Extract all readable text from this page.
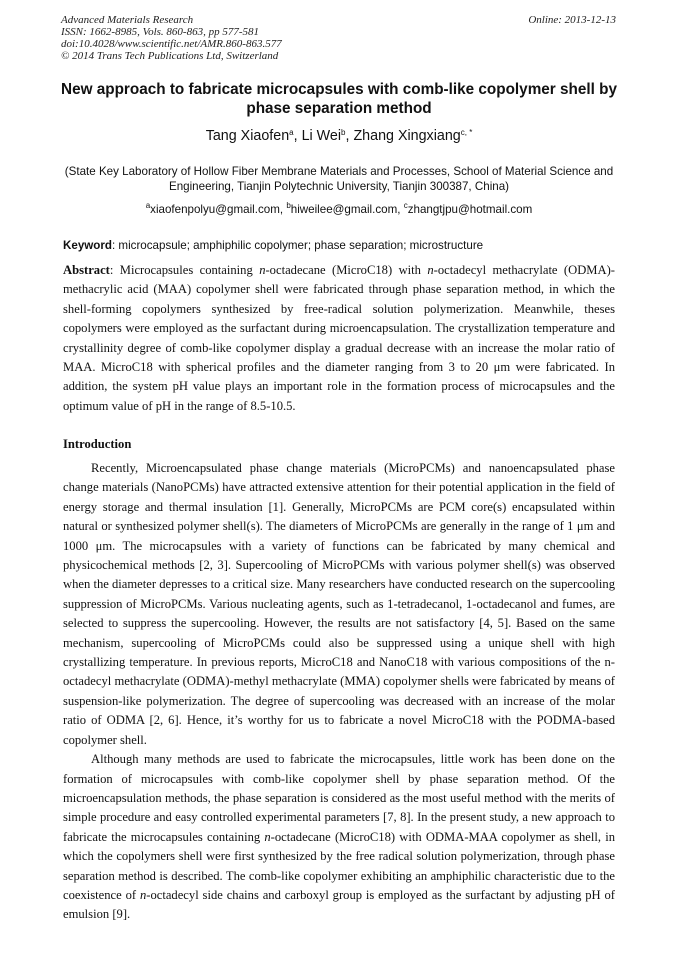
Advanced Materials Research
ISSN: 1662-8985, Vols. 860-863, pp 577-581
doi:10.4028/www.scientific.net/AMR.860-863.577
© 2014 Trans Tech Publications Ltd, Switzerland
Online: 2013-12-13
New approach to fabricate microcapsules with comb-like copolymer shell by phase separation method
Tang Xiaofen$^a$, Li Wei$^b$, Zhang Xingxiang$^{c, *}$
(State Key Laboratory of Hollow Fiber Membrane Materials and Processes, School of Material Science and Engineering, Tianjin Polytechnic University, Tianjin 300387, China)
$^a$xiaofenpolyu@gmail.com, $^b$hiweilee@gmail.com, $^c$zhangtjpu@hotmail.com
Keyword: microcapsule; amphiphilic copolymer; phase separation; microstructure
Abstract: Microcapsules containing n-octadecane (MicroC18) with n-octadecyl methacrylate (ODMA)-methacrylic acid (MAA) copolymer shell were fabricated through phase separation method, in which the shell-forming copolymers synthesized by free-radical solution polymerization. Meanwhile, theses copolymers were employed as the surfactant during microencapsulation. The crystallization temperature and crystallinity degree of comb-like copolymer display a gradual decrease with an increase the molar ratio of MAA. MicroC18 with spherical profiles and the diameter ranging from 3 to 20 μm were fabricated. In addition, the system pH value plays an important role in the formation process of microcapsules and the optimum value of pH in the range of 8.5-10.5.
Introduction

Recently, Microencapsulated phase change materials (MicroPCMs) and nanoencapsulated phase change materials (NanoPCMs) have attracted extensive attention for their potential application in the field of energy storage and thermal insulation [1]. Generally, MicroPCMs are PCM core(s) encapsulated within natural or synthesized polymer shell(s). The diameters of MicroPCMs are generally in the range of 1 μm and 1000 μm. The microcapsules with a variety of functions can be fabricated by many chemical and physicochemical methods [2, 3]. Supercooling of MicroPCMs with various polymer shell(s) was observed when the diameter depresses to a critical size. Many researchers have conducted research on the supercooling suppression of MicroPCMs. Various nucleating agents, such as 1-tetradecanol, 1-octadecanol and fumes, are selected to suppress the supercooling. However, the results are not satisfactory [4, 5]. Based on the same mechanism, supercooling of MicroPCMs could also be suppressed using a unique shell with high crystallizing temperature. In previous reports, MicroC18 and NanoC18 with various compositions of the n-octadecyl methacrylate (ODMA)-methyl methacrylate (MMA) copolymer shells were fabricated by means of suspension-like polymerization. The degree of supercooling was decreased with an increase of the molar ratio of ODMA [2, 6]. Hence, it’s worthy for us to fabricate a novel MicroC18 with the PODMA-based copolymer shell.

Although many methods are used to fabricate the microcapsules, little work has been done on the formation of microcapsules with comb-like copolymer shell by phase separation method. Of the microencapsulation methods, the phase separation is considered as the most useful method with the merits of simple procedure and easy controlled experimental parameters [7, 8]. In the present study, a new approach to fabricate the microcapsules containing n-octadecane (MicroC18) with ODMA-MAA copolymer as shell, in which the copolymers shell were first synthesized by the free radical solution polymerization, through phase separation method is described. The comb-like copolymer exhibiting an amphiphilic characteristic due to the coexistence of n-octadecyl side chains and carboxyl group is employed as the surfactant by adjusting pH of emulsion [9].
